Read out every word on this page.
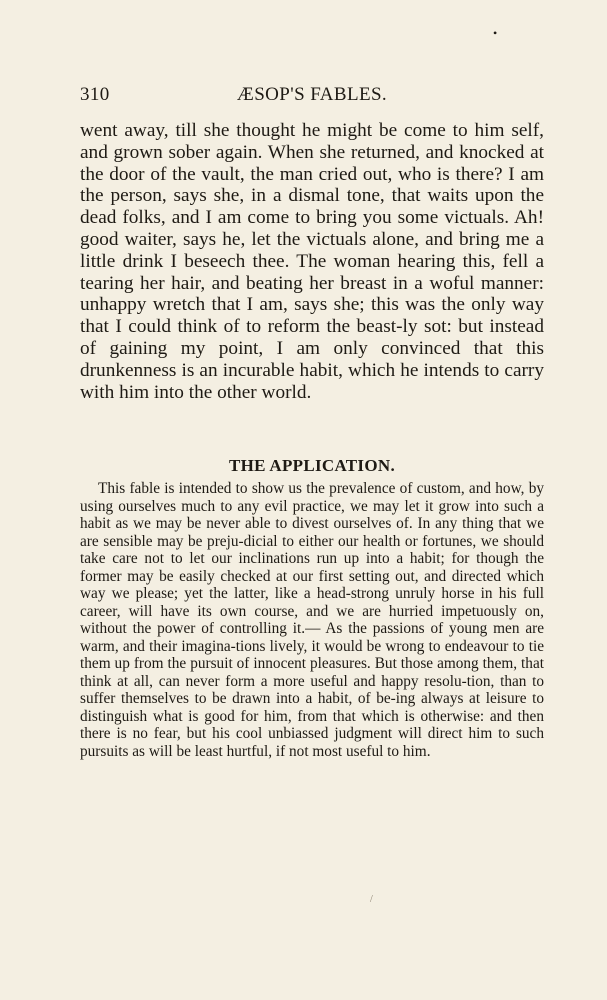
•
310	ÆSOP'S FABLES.

went away, till she thought he might be come to him self, and grown sober again. When she returned, and knocked at the door of the vault, the man cried out, who is there? I am the person, says she, in a dismal tone, that waits upon the dead folks, and I am come to bring you some victuals. Ah! good waiter, says he, let the victuals alone, and bring me a little drink I beseech thee. The woman hearing this, fell a tearing her hair, and beating her breast in a woful manner: unhappy wretch that I am, says she; this was the only way that I could think of to reform the beast-ly sot: but instead of gaining my point, I am only convinced that this drunkenness is an incurable habit, which he intends to carry with him into the other world.

THE APPLICATION.

This fable is intended to show us the prevalence of custom, and how, by using ourselves much to any evil practice, we may let it grow into such a habit as we may be never able to divest ourselves of. In any thing that we are sensible may be preju-dicial to either our health or fortunes, we should take care not to let our inclinations run up into a habit; for though the former may be easily checked at our first setting out, and directed which way we please; yet the latter, like a head-strong unruly horse in his full career, will have its own course, and we are hurried impetuously on, without the power of controlling it.— As the passions of young men are warm, and their imagina-tions lively, it would be wrong to endeavour to tie them up from the pursuit of innocent pleasures. But those among them, that think at all, can never form a more useful and happy resolu-tion, than to suffer themselves to be drawn into a habit, of be-ing always at leisure to distinguish what is good for him, from that which is otherwise: and then there is no fear, but his cool unbiassed judgment will direct him to such pursuits as will be least hurtful, if not most useful to him.

/
